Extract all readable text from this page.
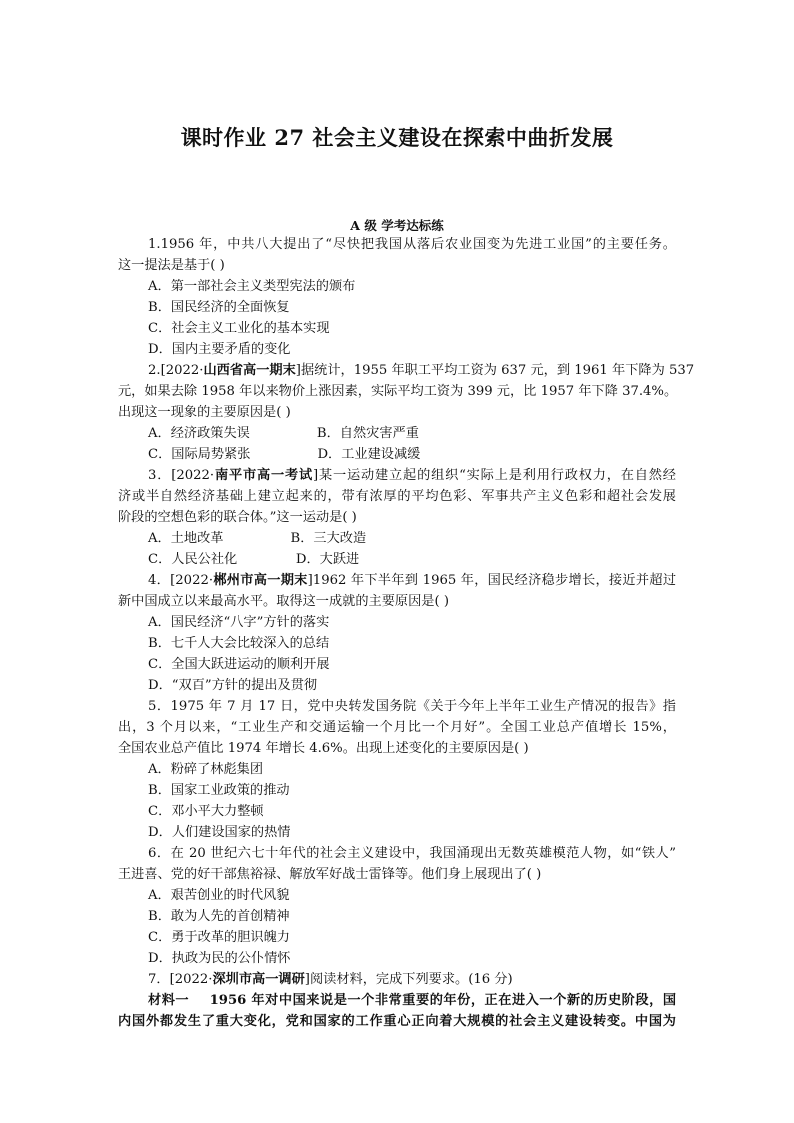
课时作业 27 社会主义建设在探索中曲折发展
A 级 学考达标练
1.1956 年，中共八大提出了“尽快把我国从落后农业国变为先进工业国”的主要任务。
这一提法是基于( )
A．第一部社会主义类型宪法的颁布
B．国民经济的全面恢复
C．社会主义工业化的基本实现
D．国内主要矛盾的变化
2.[2022·山西省高一期末]据统计，1955 年职工平均工资为 637 元，到 1961 年下降为 537
元，如果去除 1958 年以来物价上涨因素，实际平均工资为 399 元，比 1957 年下降 37.4%。
出现这一现象的主要原因是( )
A．经济政策失误                B．自然灾害严重
C．国际局势紧张                D．工业建设减缓
3．[2022·南平市高一考试]某一运动建立起的组织“实际上是利用行政权力，在自然经
济或半自然经济基础上建立起来的，带有浓厚的平均色彩、军事共产主义色彩和超社会发展
阶段的空想色彩的联合体。”这一运动是( )
A．土地改革                B．三大改造
C．人民公社化              D．大跃进
4．[2022·郴州市高一期末]1962 年下半年到 1965 年，国民经济稳步增长，接近并超过
新中国成立以来最高水平。取得这一成就的主要原因是( )
A．国民经济“八字”方针的落实
B．七千人大会比较深入的总结
C．全国大跃进运动的顺利开展
D．“双百”方针的提出及贯彻
5．1975 年 7 月 17 日，党中央转发国务院《关于今年上半年工业生产情况的报告》指
出，3 个月以来，“工业生产和交通运输一个月比一个月好”。全国工业总产值增长 15%，
全国农业总产值比 1974 年增长 4.6%。出现上述变化的主要原因是( )
A．粉碎了林彪集团
B．国家工业政策的推动
C．邓小平大力整顿
D．人们建设国家的热情
6．在 20 世纪六七十年代的社会主义建设中，我国涌现出无数英雄模范人物，如“铁人”
王进喜、党的好干部焦裕禄、解放军好战士雷锋等。他们身上展现出了( )
A．艰苦创业的时代风貌
B．敢为人先的首创精神
C．勇于改革的胆识魄力
D．执政为民的公仆情怀
7．[2022·深圳市高一调研]阅读材料，完成下列要求。(16 分)
材料一    1956 年对中国来说是一个非常重要的年份，正在进入一个新的历史阶段，国
内国外都发生了重大变化，党和国家的工作重心正向着大规模的社会主义建设转变。中国为
